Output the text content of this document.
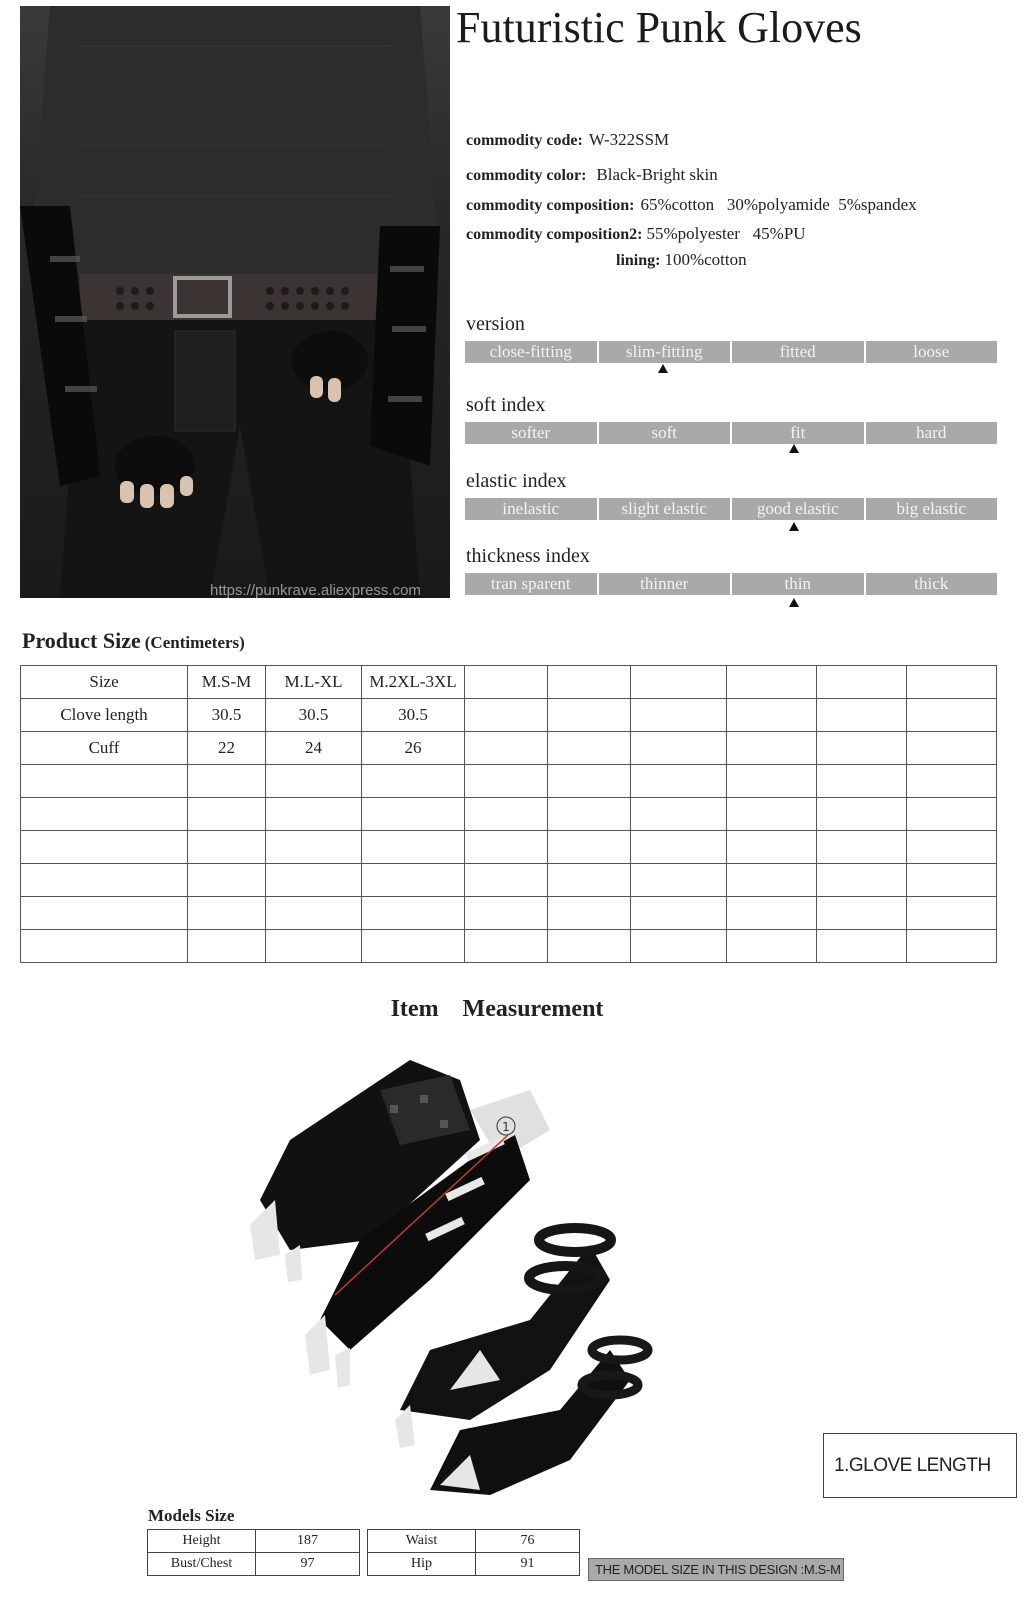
https://punkrave.aliexpress.com
Futuristic Punk Gloves
commodity code: W-322SSM
commodity color: Black-Bright skin
commodity composition: 65%cotton   30%polyamide  5%spandex
commodity composition2: 55%polyester   45%PU
lining: 100%cotton
version
close-fitting	slim-fitting	fitted	loose
soft index
softer	soft	fit	hard
elastic index
inelastic	slight elastic	good elastic	big elastic
thickness index
tran sparent	thinner	thin	thick
Product Size (Centimeters)
Size	M.S-M	M.L-XL	M.2XL-3XL						
Clove length	30.5	30.5	30.5						
Cuff	22	24	26						

Item  Measurement
1
1.GLOVE LENGTH
Models Size
Height	187
Bust/Chest	97
Waist	76
Hip	91	THE MODEL SIZE IN THIS DESIGN :M.S-M
